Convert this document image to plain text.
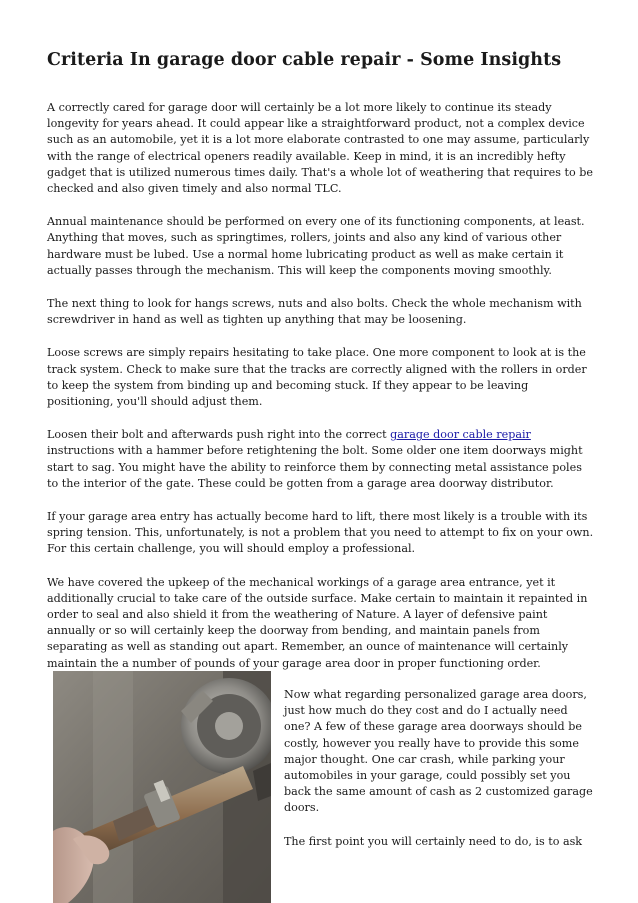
Criteria In garage door cable repair - Some Insights

A correctly cared for garage door will certainly be a lot more likely to continue its steady longevity for years ahead. It could appear like a straightforward product, not a complex device such as an automobile, yet it is a lot more elaborate contrasted to one may assume, particularly with the range of electrical openers readily available. Keep in mind, it is an incredibly hefty gadget that is utilized numerous times daily. That's a whole lot of weathering that requires to be checked and also given timely and also normal TLC.

Annual maintenance should be performed on every one of its functioning components, at least. Anything that moves, such as springtimes, rollers, joints and also any kind of various other hardware must be lubed. Use a normal home lubricating product as well as make certain it actually passes through the mechanism. This will keep the components moving smoothly.

The next thing to look for hangs screws, nuts and also bolts. Check the whole mechanism with screwdriver in hand as well as tighten up anything that may be loosening.

Loose screws are simply repairs hesitating to take place. One more component to look at is the track system. Check to make sure that the tracks are correctly aligned with the rollers in order to keep the system from binding up and becoming stuck. If they appear to be leaving positioning, you'll should adjust them.

Loosen their bolt and afterwards push right into the correct garage door cable repair instructions with a hammer before retightening the bolt. Some older one item doorways might start to sag. You might have the ability to reinforce them by connecting metal assistance poles to the interior of the gate. These could be gotten from a garage area doorway distributor.

If your garage area entry has actually become hard to lift, there most likely is a trouble with its spring tension. This, unfortunately, is not a problem that you need to attempt to fix on your own. For this certain challenge, you will should employ a professional.

We have covered the upkeep of the mechanical workings of a garage area entrance, yet it additionally crucial to take care of the outside surface. Make certain to maintain it repainted in order to seal and also shield it from the weathering of Nature. A layer of defensive paint annually or so will certainly keep the doorway from bending, and maintain panels from separating as well as standing out apart. Remember, an ounce of maintenance will certainly maintain the a number of pounds of your garage area door in proper functioning order.

Now what regarding personalized garage area doors, just how much do they cost and do I actually need one? A few of these garage area doorways should be costly, however you really have to provide this some major thought. One car crash, while parking your automobiles in your garage, could possibly set you back the same amount of cash as 2 customized garage doors.

The first point you will certainly need to do, is to ask
